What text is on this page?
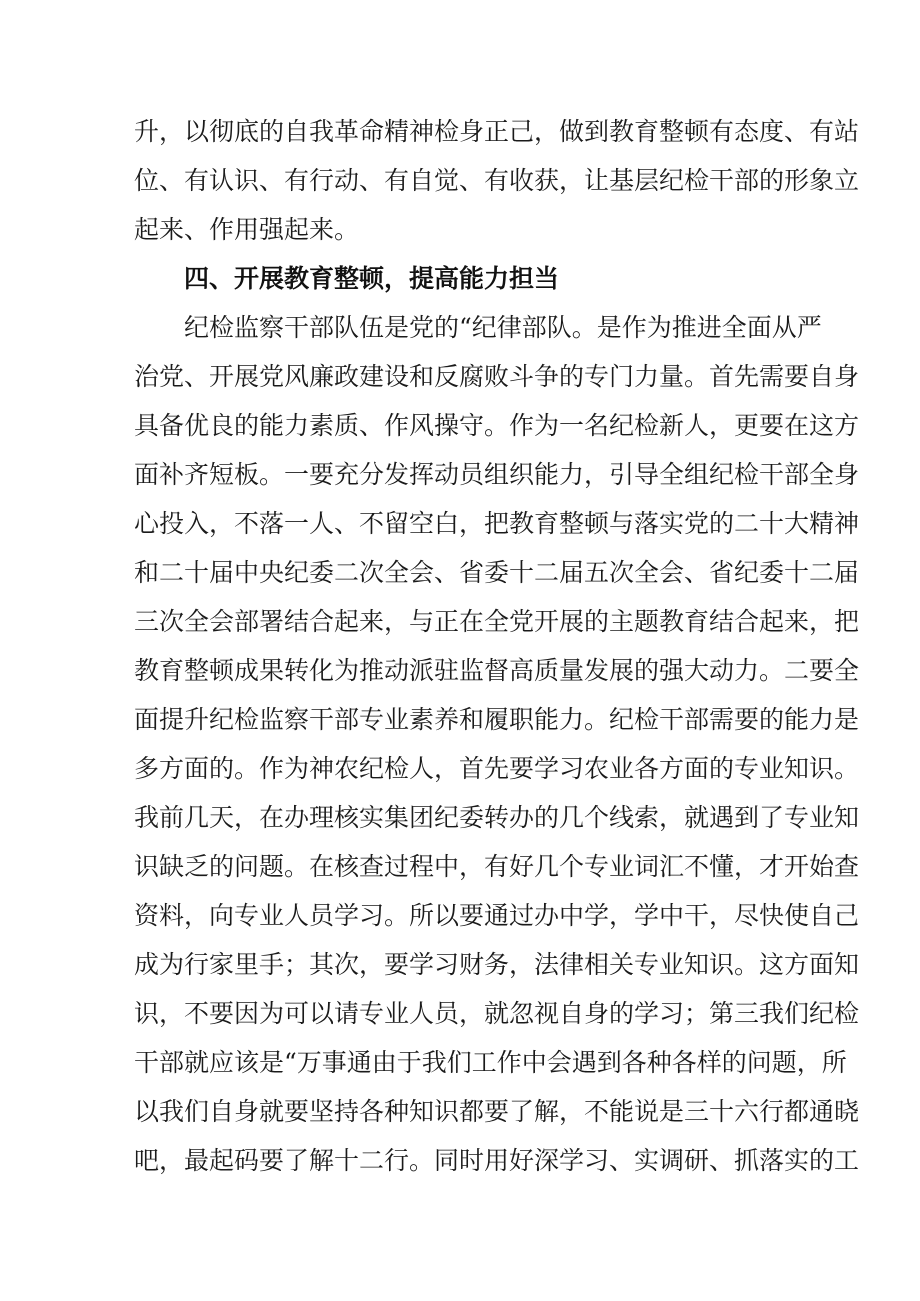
升，以彻底的自我革命精神检身正己，做到教育整顿有态度、有站
位、有认识、有行动、有自觉、有收获，让基层纪检干部的形象立
起来、作用强起来。
四、开展教育整顿，提高能力担当
纪检监察干部队伍是党的“纪律部队。是作为推进全面从严
治党、开展党风廉政建设和反腐败斗争的专门力量。首先需要自身
具备优良的能力素质、作风操守。作为一名纪检新人，更要在这方
面补齐短板。一要充分发挥动员组织能力，引导全组纪检干部全身
心投入，不落一人、不留空白，把教育整顿与落实党的二十大精神
和二十届中央纪委二次全会、省委十二届五次全会、省纪委十二届
三次全会部署结合起来，与正在全党开展的主题教育结合起来，把
教育整顿成果转化为推动派驻监督高质量发展的强大动力。二要全
面提升纪检监察干部专业素养和履职能力。纪检干部需要的能力是
多方面的。作为神农纪检人，首先要学习农业各方面的专业知识。
我前几天，在办理核实集团纪委转办的几个线索，就遇到了专业知
识缺乏的问题。在核查过程中，有好几个专业词汇不懂，才开始查
资料，向专业人员学习。所以要通过办中学，学中干，尽快使自己
成为行家里手；其次，要学习财务，法律相关专业知识。这方面知
识，不要因为可以请专业人员，就忽视自身的学习；第三我们纪检
干部就应该是“万事通由于我们工作中会遇到各种各样的问题，所
以我们自身就要坚持各种知识都要了解，不能说是三十六行都通晓
吧，最起码要了解十二行。同时用好深学习、实调研、抓落实的工
